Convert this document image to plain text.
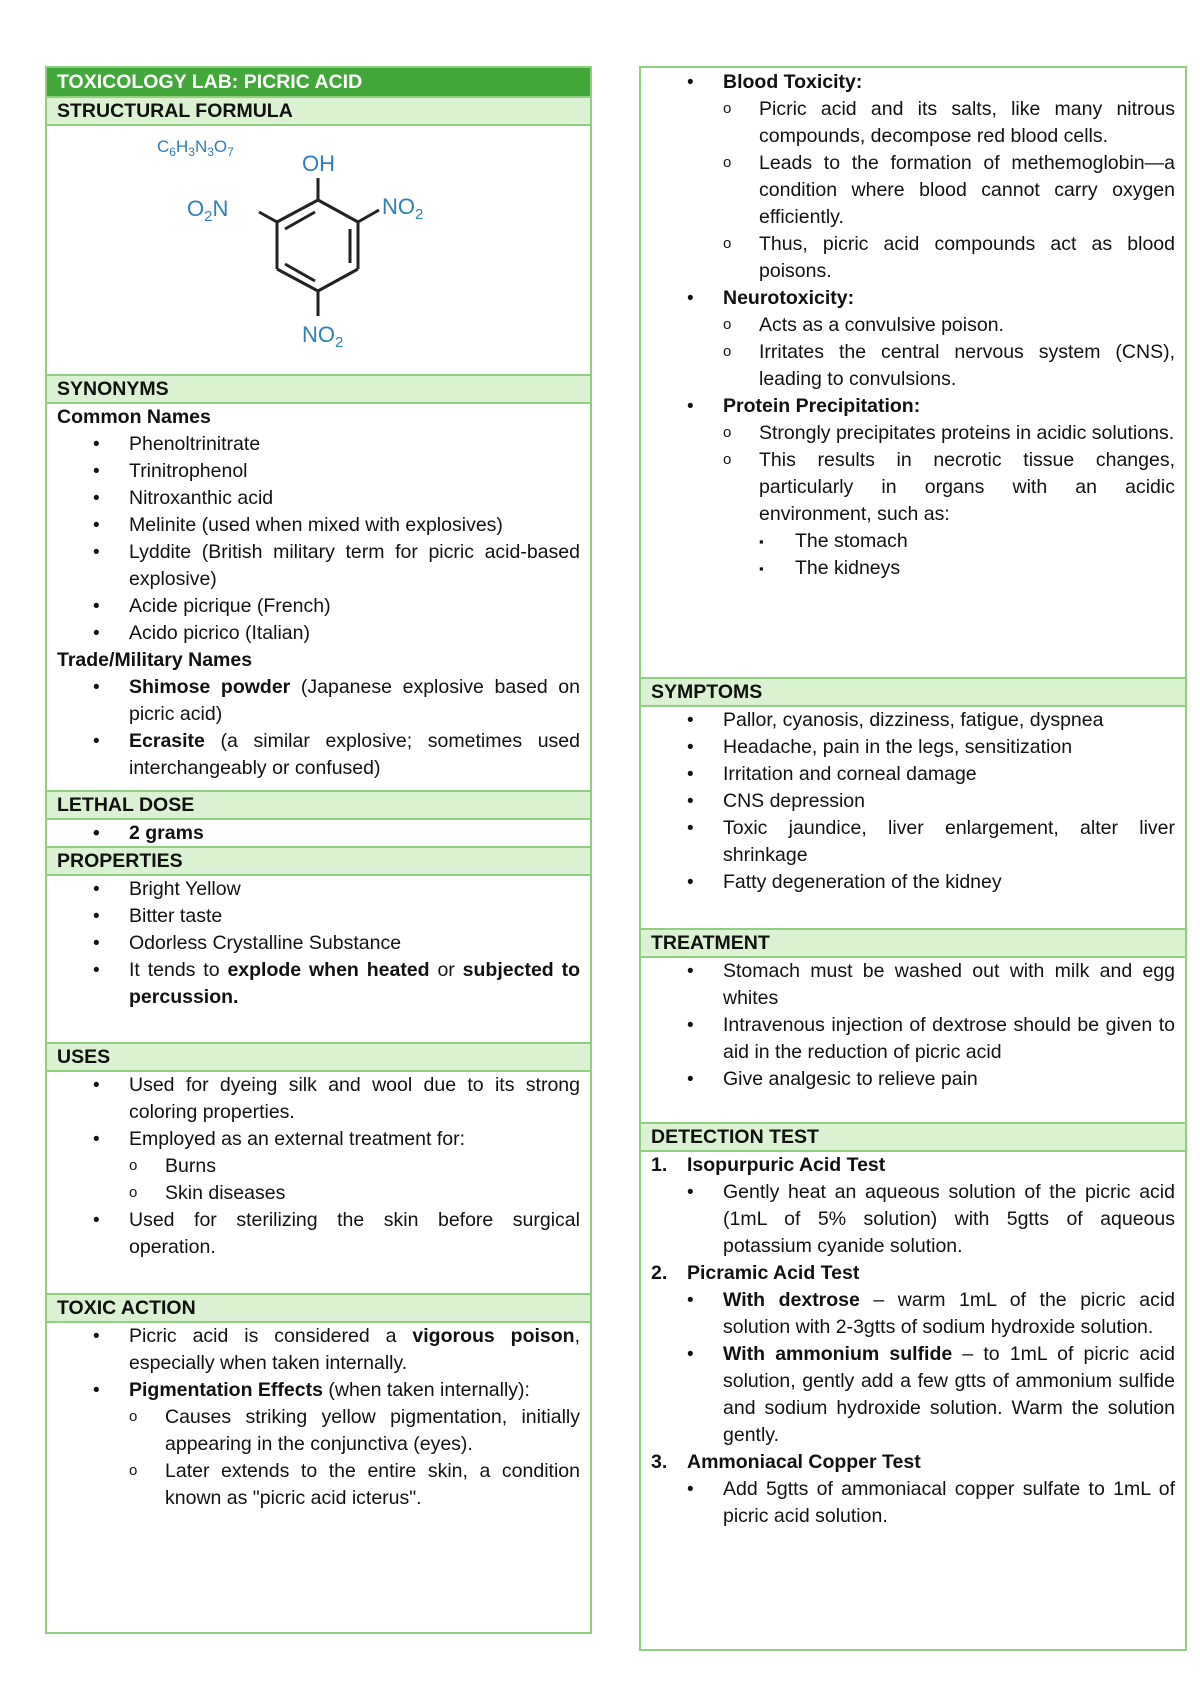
TOXICOLOGY LAB: PICRIC ACID
STRUCTURAL FORMULA
$C_6H_3N_3O_7$	OH
$O_2N$	$NO_2$
$NO_2$
SYNONYMS
Common Names
• Phenoltrinitrate
• Trinitrophenol
• Nitroxanthic acid
• Melinite (used when mixed with explosives)
• Lyddite (British military term for picric acid-based explosive)
• Acide picrique (French)
• Acido picrico (Italian)
Trade/Military Names
• Shimose powder (Japanese explosive based on picric acid)
• Ecrasite (a similar explosive; sometimes used interchangeably or confused)
LETHAL DOSE
• 2 grams
PROPERTIES
• Bright Yellow
• Bitter taste
• Odorless Crystalline Substance
• It tends to explode when heated or subjected to percussion.
USES
• Used for dyeing silk and wool due to its strong coloring properties.
• Employed as an external treatment for:
o Burns
o Skin diseases
• Used for sterilizing the skin before surgical operation.
TOXIC ACTION
• Picric acid is considered a vigorous poison, especially when taken internally.
• Pigmentation Effects (when taken internally):
o Causes striking yellow pigmentation, initially appearing in the conjunctiva (eyes).
o Later extends to the entire skin, a condition known as "picric acid icterus".
• Blood Toxicity:
o Picric acid and its salts, like many nitrous compounds, decompose red blood cells.
o Leads to the formation of methemoglobin—a condition where blood cannot carry oxygen efficiently.
o Thus, picric acid compounds act as blood poisons.
• Neurotoxicity:
o Acts as a convulsive poison.
o Irritates the central nervous system (CNS), leading to convulsions.
• Protein Precipitation:
o Strongly precipitates proteins in acidic solutions.
o This results in necrotic tissue changes, particularly in organs with an acidic environment, such as:
▪ The stomach
▪ The kidneys
SYMPTOMS
• Pallor, cyanosis, dizziness, fatigue, dyspnea
• Headache, pain in the legs, sensitization
• Irritation and corneal damage
• CNS depression
• Toxic jaundice, liver enlargement, alter liver shrinkage
• Fatty degeneration of the kidney
TREATMENT
• Stomach must be washed out with milk and egg whites
• Intravenous injection of dextrose should be given to aid in the reduction of picric acid
• Give analgesic to relieve pain
DETECTION TEST
1. Isopurpuric Acid Test
• Gently heat an aqueous solution of the picric acid (1mL of 5% solution) with 5gtts of aqueous potassium cyanide solution.
2. Picramic Acid Test
• With dextrose – warm 1mL of the picric acid solution with 2-3gtts of sodium hydroxide solution.
• With ammonium sulfide – to 1mL of picric acid solution, gently add a few gtts of ammonium sulfide and sodium hydroxide solution. Warm the solution gently.
3. Ammoniacal Copper Test
• Add 5gtts of ammoniacal copper sulfate to 1mL of picric acid solution.
